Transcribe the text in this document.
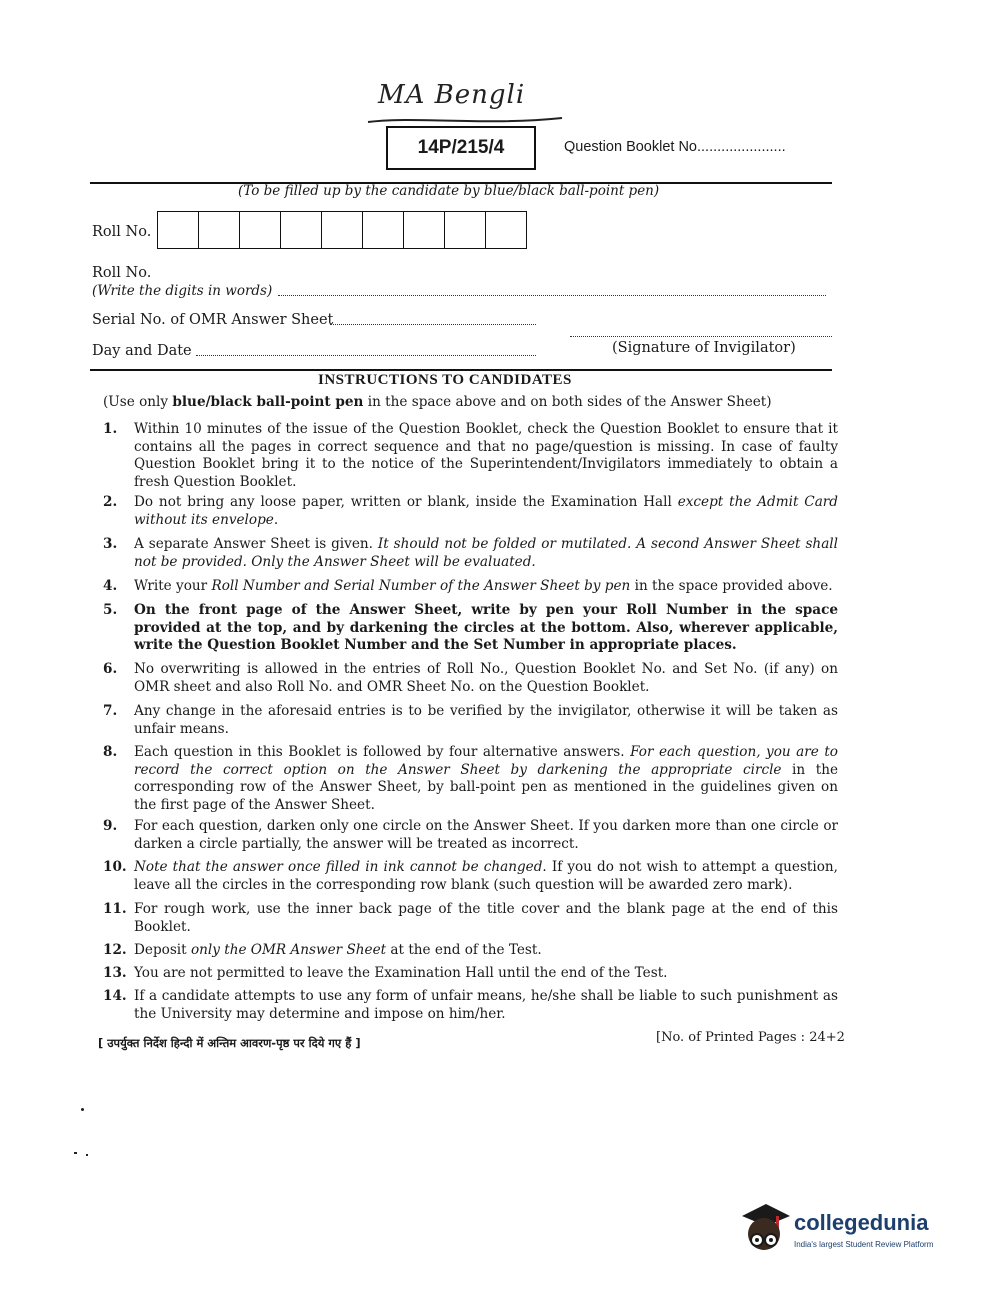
MA Bengli
14P/215/4	Question Booklet No......................
(To be filled up by the candidate by blue/black ball-point pen)
Roll No.
Roll No.
(Write the digits in words)
Serial No. of OMR Answer Sheet
Day and Date	(Signature of Invigilator)
INSTRUCTIONS TO CANDIDATES
(Use only blue/black ball-point pen in the space above and on both sides of the Answer Sheet)
1.	Within 10 minutes of the issue of the Question Booklet, check the Question Booklet to ensure that it contains all the pages in correct sequence and that no page/question is missing. In case of faulty Question Booklet bring it to the notice of the Superintendent/Invigilators immediately to obtain a fresh Question Booklet.
2.	Do not bring any loose paper, written or blank, inside the Examination Hall except the Admit Card without its envelope.
3.	A separate Answer Sheet is given. It should not be folded or mutilated. A second Answer Sheet shall not be provided. Only the Answer Sheet will be evaluated.
4.	Write your Roll Number and Serial Number of the Answer Sheet by pen in the space provided above.
5.	On the front page of the Answer Sheet, write by pen your Roll Number in the space provided at the top, and by darkening the circles at the bottom. Also, wherever applicable, write the Question Booklet Number and the Set Number in appropriate places.
6.	No overwriting is allowed in the entries of Roll No., Question Booklet No. and Set No. (if any) on OMR sheet and also Roll No. and OMR Sheet No. on the Question Booklet.
7.	Any change in the aforesaid entries is to be verified by the invigilator, otherwise it will be taken as unfair means.
8.	Each question in this Booklet is followed by four alternative answers. For each question, you are to record the correct option on the Answer Sheet by darkening the appropriate circle in the corresponding row of the Answer Sheet, by ball-point pen as mentioned in the guidelines given on the first page of the Answer Sheet.
9.	For each question, darken only one circle on the Answer Sheet. If you darken more than one circle or darken a circle partially, the answer will be treated as incorrect.
10. Note that the answer once filled in ink cannot be changed. If you do not wish to attempt a question, leave all the circles in the corresponding row blank (such question will be awarded zero mark).
11. For rough work, use the inner back page of the title cover and the blank page at the end of this Booklet.
12. Deposit only the OMR Answer Sheet at the end of the Test.
13. You are not permitted to leave the Examination Hall until the end of the Test.
14. If a candidate attempts to use any form of unfair means, he/she shall be liable to such punishment as the University may determine and impose on him/her.
[ उपर्युक्त निर्देश हिन्दी में अन्तिम आवरण-पृष्ठ पर दिये गए हैं ]	[No. of Printed Pages : 24+2
collegedunia
India's largest Student Review Platform
